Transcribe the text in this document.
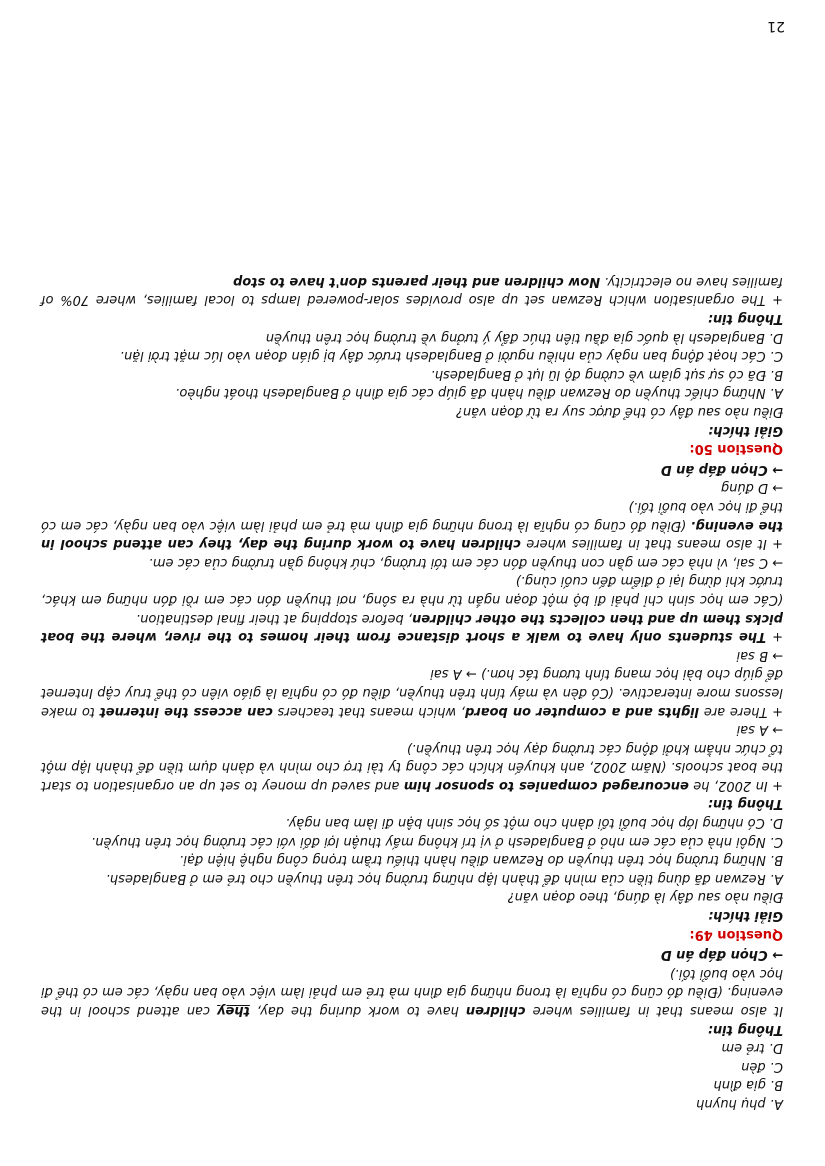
A. phụ huynh

B. gia đình

C. đèn

D. trẻ em

Thông tin:

It also means that in families where children have to work during the day, they can attend school in the evening. (Điều đó cũng có nghĩa là trong những gia đình mà trẻ em phải làm việc vào ban ngày, các em có thể đi học vào buổi tối.)

→ Chọn đáp án D

Question 49:

Giải thích:

Điều nào sau đây là đúng, theo đoạn văn?

A. Rezwan đã dùng tiền của mình để thành lập những trường học trên thuyền cho trẻ em ở Bangladesh.

B. Những trường học trên thuyền do Rezwan điều hành thiếu trầm trọng công nghệ hiện đại.

C. Ngôi nhà của các em nhỏ ở Bangladesh ở vị trí không mấy thuận lợi đối với các trường học trên thuyền.

D. Có những lớp học buổi tối dành cho một số học sinh bận đi làm ban ngày.

Thông tin:

+ In 2002, he encouraged companies to sponsor him and saved up money to set up an organisation to start the boat schools. (Năm 2002, anh khuyến khích các công ty tài trợ cho mình và dành dụm tiền để thành lập một tổ chức nhằm khởi động các trường dạy học trên thuyền.)

→ A sai

+ There are lights and a computer on board, which means that teachers can access the internet to make lessons more interactive. (Có đèn và máy tính trên thuyền, điều đó có nghĩa là giáo viên có thể truy cập Internet để giúp cho bài học mang tính tương tác hơn.) → A sai

→ B sai

+ The students only have to walk a short distance from their homes to the river, where the boat picks them up and then collects the other children, before stopping at their final destination.

(Các em học sinh chỉ phải đi bộ một đoạn ngắn từ nhà ra sông, nơi thuyền đón các em rồi đón những em khác, trước khi dừng lại ở điểm đến cuối cùng.)

→ C sai, vì nhà các em gần con thuyền đón các em tới trường, chứ không gần trường của các em.

+ It also means that in families where children have to work during the day, they can attend school in the evening. (Điều đó cũng có nghĩa là trong những gia đình mà trẻ em phải làm việc vào ban ngày, các em có thể đi học vào buổi tối.)

→ D đúng

→ Chọn đáp án D

Question 50:

Giải thích:

Điều nào sau đây có thể được suy ra từ đoạn văn?

A. Những chiếc thuyền do Rezwan điều hành đã giúp các gia đình ở Bangladesh thoát nghèo.

B. Đã có sự sụt giảm về cường độ lũ lụt ở Bangladesh.

C. Các hoạt động ban ngày của nhiều người ở Bangladesh trước đây bị gián đoạn vào lúc mặt trời lặn.

D. Bangladesh là quốc gia đầu tiên thúc đẩy ý tưởng về trường học trên thuyền

Thông tin:

+ The organisation which Rezwan set up also provides solar-powered lamps to local families, where 70% of families have no electricity. Now children and their parents don't have to stop

21
